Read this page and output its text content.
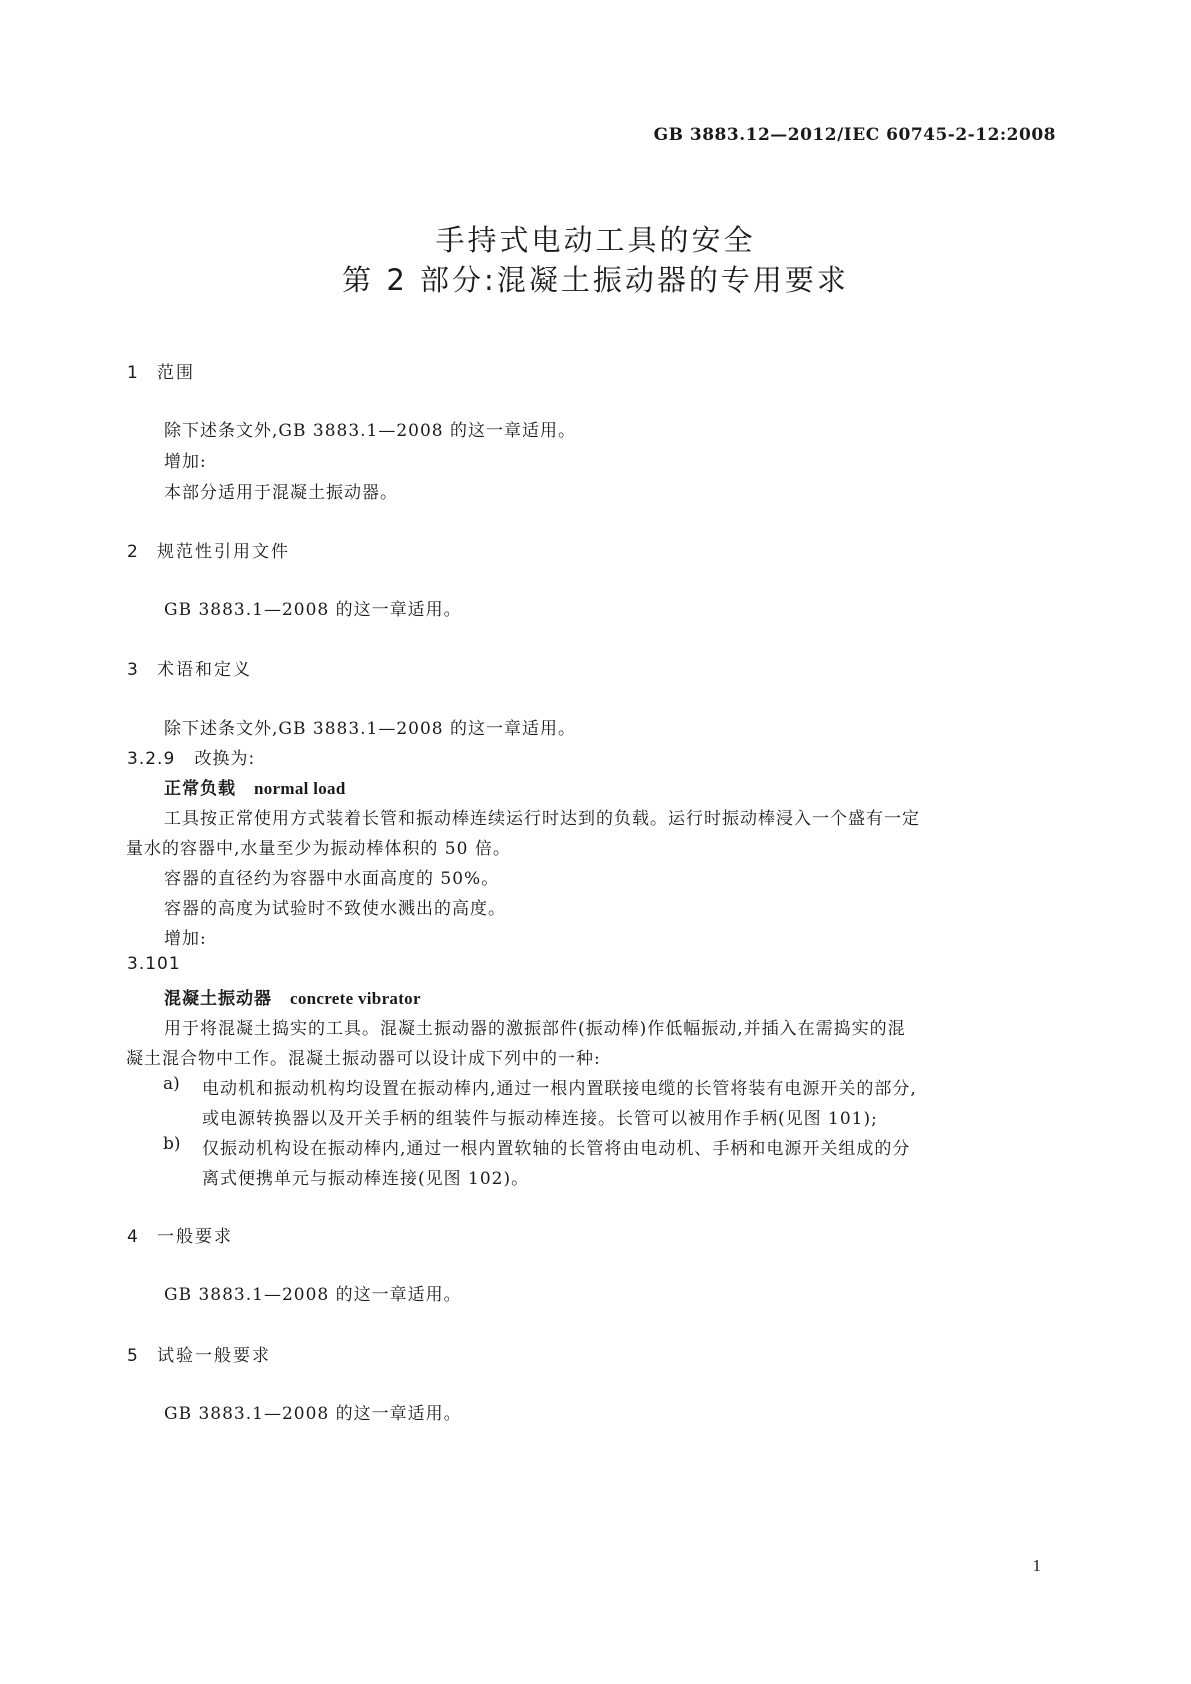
GB 3883.12—2012/IEC 60745-2-12:2008
手持式电动工具的安全
第 2 部分:混凝土振动器的专用要求
1 范围
除下述条文外,GB 3883.1—2008 的这一章适用。
增加:
本部分适用于混凝土振动器。
2 规范性引用文件
GB 3883.1—2008 的这一章适用。
3 术语和定义
除下述条文外,GB 3883.1—2008 的这一章适用。
3.2.9 改换为:
正常负载 normal load
工具按正常使用方式装着长管和振动棒连续运行时达到的负载。运行时振动棒浸入一个盛有一定
量水的容器中,水量至少为振动棒体积的 50 倍。
容器的直径约为容器中水面高度的 50%。
容器的高度为试验时不致使水溅出的高度。
增加:
3.101
混凝土振动器 concrete vibrator
用于将混凝土捣实的工具。混凝土振动器的激振部件(振动棒)作低幅振动,并插入在需捣实的混
凝土混合物中工作。混凝土振动器可以设计成下列中的一种:
a) 电动机和振动机构均设置在振动棒内,通过一根内置联接电缆的长管将装有电源开关的部分,
或电源转换器以及开关手柄的组装件与振动棒连接。长管可以被用作手柄(见图 101);
b) 仅振动机构设在振动棒内,通过一根内置软轴的长管将由电动机、手柄和电源开关组成的分
离式便携单元与振动棒连接(见图 102)。
4 一般要求
GB 3883.1—2008 的这一章适用。
5 试验一般要求
GB 3883.1—2008 的这一章适用。
1
